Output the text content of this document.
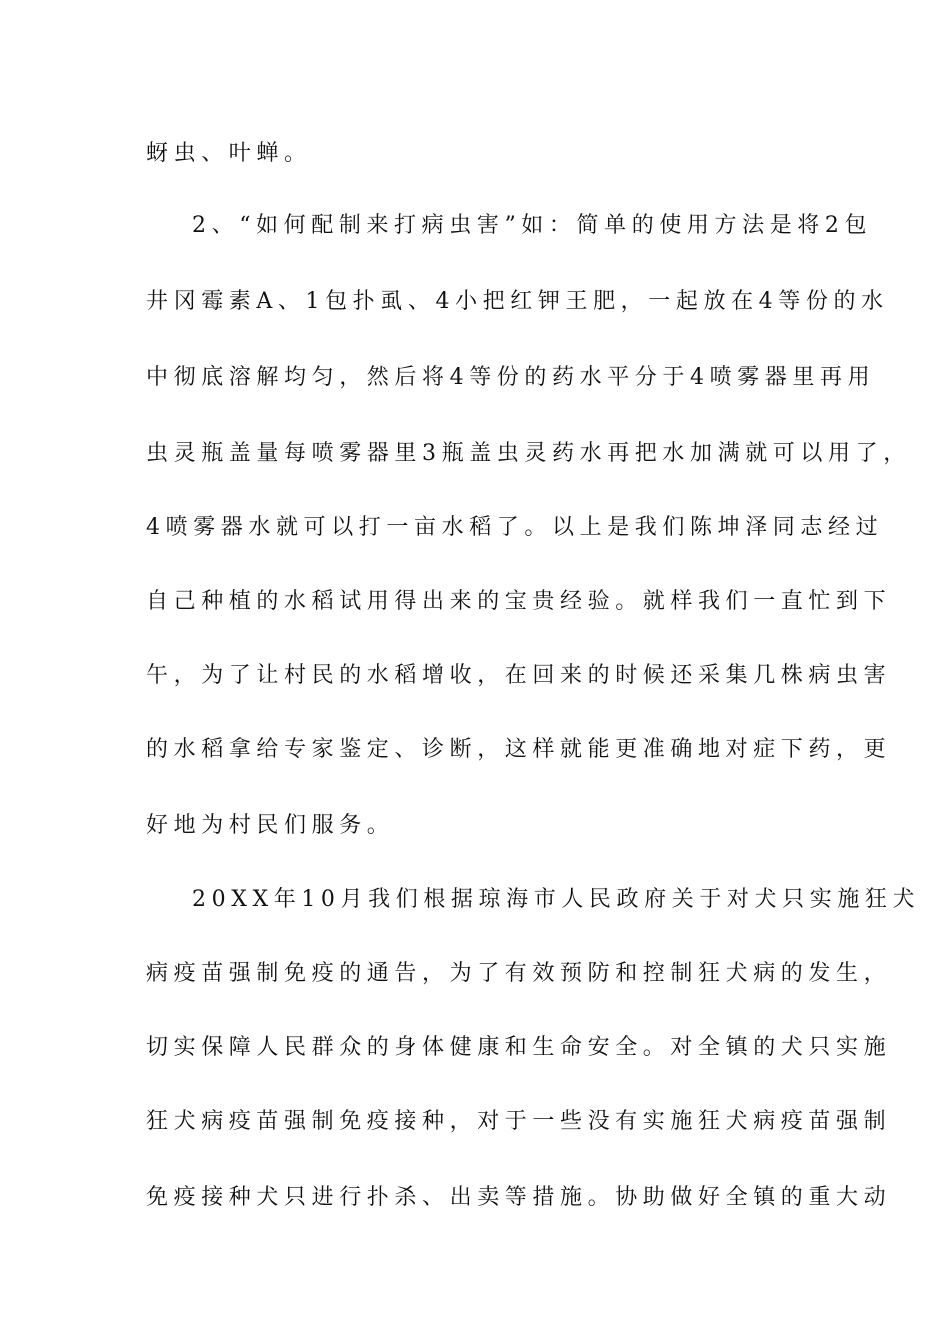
蚜虫、叶蝉。
2、“如何配制来打病虫害”如：简单的使用方法是将2包
井冈霉素A、1包扑虱、4小把红钾王肥，一起放在4等份的水
中彻底溶解均匀，然后将4等份的药水平分于4喷雾器里再用
虫灵瓶盖量每喷雾器里3瓶盖虫灵药水再把水加满就可以用了，
4喷雾器水就可以打一亩水稻了。以上是我们陈坤泽同志经过
自己种植的水稻试用得出来的宝贵经验。就样我们一直忙到下
午，为了让村民的水稻增收，在回来的时候还采集几株病虫害
的水稻拿给专家鉴定、诊断，这样就能更准确地对症下药，更
好地为村民们服务。
20XX年10月我们根据琼海市人民政府关于对犬只实施狂犬
病疫苗强制免疫的通告，为了有效预防和控制狂犬病的发生，
切实保障人民群众的身体健康和生命安全。对全镇的犬只实施
狂犬病疫苗强制免疫接种，对于一些没有实施狂犬病疫苗强制
免疫接种犬只进行扑杀、出卖等措施。协助做好全镇的重大动
